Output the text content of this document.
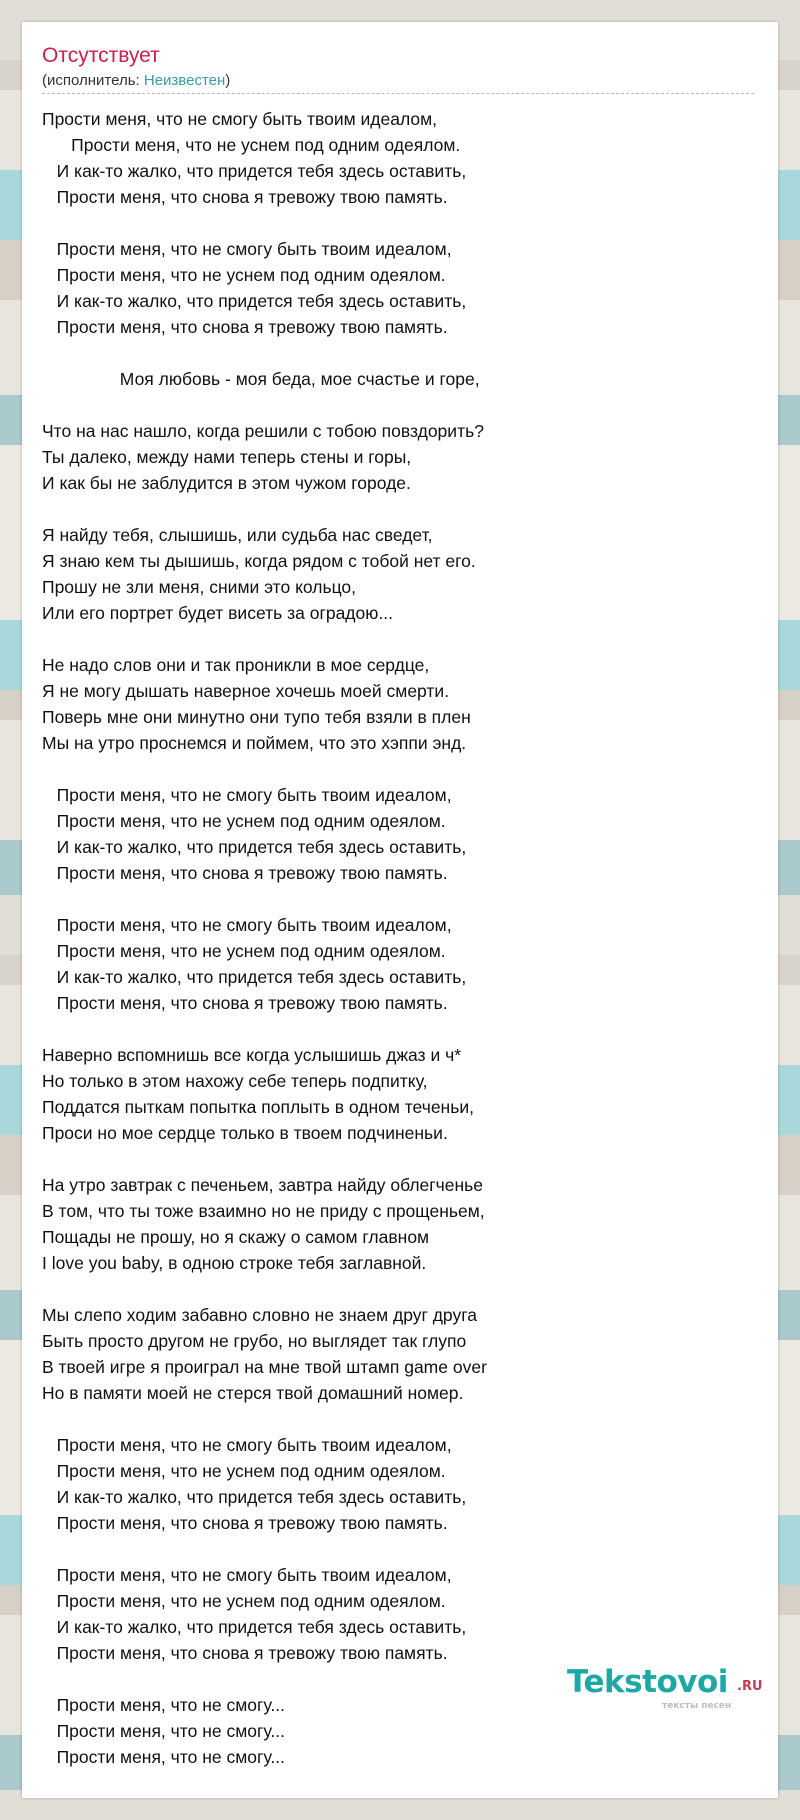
Отсутствует
(исполнитель: Неизвестен)
Прости меня, что не смогу быть твоим идеалом,
Прости меня, что не уснем под одним одеялом.
И как-то жалко, что придется тебя здесь оставить,
Прости меня, что снова я тревожу твою память.
Прости меня, что не смогу быть твоим идеалом,
Прости меня, что не уснем под одним одеялом.
И как-то жалко, что придется тебя здесь оставить,
Прости меня, что снова я тревожу твою память.
Моя любовь - моя беда, мое счастье и горе,
Что на нас нашло, когда решили с тобою повздорить?
Ты далеко, между нами теперь стены и горы,
И как бы не заблудится в этом чужом городе.
Я найду тебя, слышишь, или судьба нас сведет,
Я знаю кем ты дышишь, когда рядом с тобой нет его.
Прошу не зли меня, сними это кольцо,
Или его портрет будет висеть за оградою...
Не надо слов они и так проникли в мое сердце,
Я не могу дышать наверное хочешь моей смерти.
Поверь мне они минутно они тупо тебя взяли в плен
Мы на утро проснемся и поймем, что это хэппи энд.
Прости меня, что не смогу быть твоим идеалом,
Прости меня, что не уснем под одним одеялом.
И как-то жалко, что придется тебя здесь оставить,
Прости меня, что снова я тревожу твою память.
Прости меня, что не смогу быть твоим идеалом,
Прости меня, что не уснем под одним одеялом.
И как-то жалко, что придется тебя здесь оставить,
Прости меня, что снова я тревожу твою память.
Наверно вспомнишь все когда услышишь джаз и ч*
Но только в этом нахожу себе теперь подпитку,
Поддатся пыткам попытка поплыть в одном теченьи,
Проси но мое сердце только в твоем подчиненьи.
На утро завтрак с печеньем, завтра найду облегченье
В том, что ты тоже взаимно но не приду с прощеньем,
Пощады не прошу, но я скажу о самом главном
I love you baby, в одною строке тебя заглавной.
Мы слепо ходим забавно словно не знаем друг друга
Быть просто другом не грубо, но выглядет так глупо
В твоей игре я проиграл на мне твой штамп game over
Но в памяти моей не стерся твой домашний номер.
Прости меня, что не смогу быть твоим идеалом,
Прости меня, что не уснем под одним одеялом.
И как-то жалко, что придется тебя здесь оставить,
Прости меня, что снова я тревожу твою память.
Прости меня, что не смогу быть твоим идеалом,
Прости меня, что не уснем под одним одеялом.
И как-то жалко, что придется тебя здесь оставить,
Прости меня, что снова я тревожу твою память.
Прости меня, что не смогу...
Прости меня, что не смогу...
Прости меня, что не смогу...
Tekstovoi .RU
тексты песен
